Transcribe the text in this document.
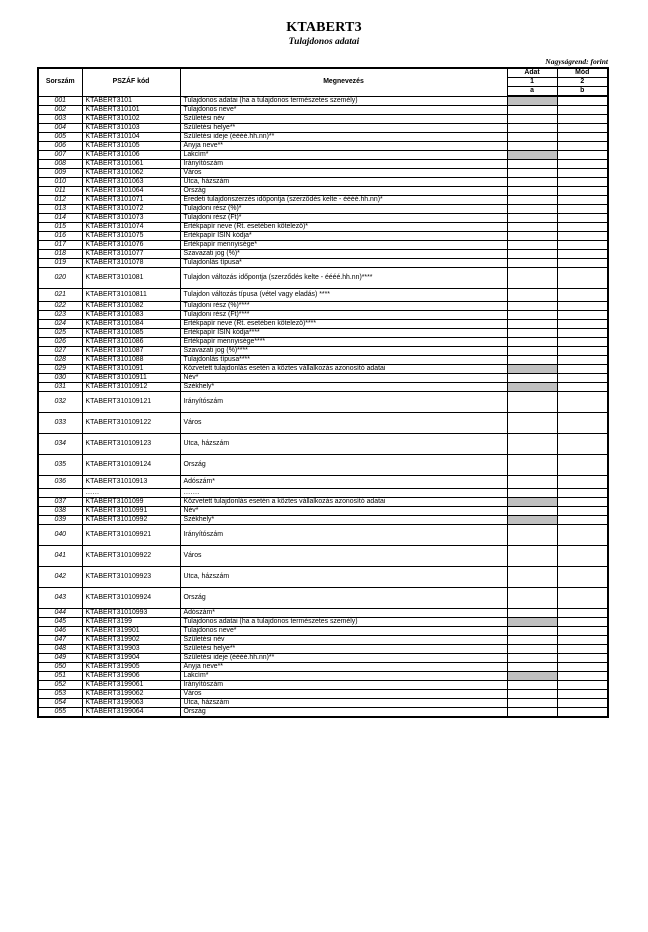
KTABERT3
Tulajdonos adatai
Nagyságrend: forint
Sorszám	PSZÁF kód	Megnevezés	Adat	Mód
			1	2
			a	b
001	KTABERT3101	Tulajdonos adatai (ha a tulajdonos természetes személy)		
002	KTABERT310101	Tulajdonos neve*		
003	KTABERT310102	Születési név		
004	KTABERT310103	Születési helye**		
005	KTABERT310104	Születési ideje (éééé.hh.nn)**		
006	KTABERT310105	Anyja neve**		
007	KTABERT310106	Lakcím*		
008	KTABERT3101061	Irányítószám		
009	KTABERT3101062	Város		
010	KTABERT3101063	Utca, házszám		
011	KTABERT3101064	Ország		
012	KTABERT3101071	Eredeti tulajdonszerzés időpontja (szerződés kelte - éééé.hh.nn)*		
013	KTABERT3101072	Tulajdoni rész (%)*		
014	KTABERT3101073	Tulajdoni rész (Ft)*		
015	KTABERT3101074	Értékpapír neve (Rt. esetében kötelező)*		
016	KTABERT3101075	Értékpapír ISIN kódja*		
017	KTABERT3101076	Értékpapír mennyisége*		
018	KTABERT3101077	Szavazati jog (%)*		
019	KTABERT3101078	Tulajdonlás típusa*		
020	KTABERT3101081	Tulajdon változás időpontja (szerződés kelte - éééé.hh.nn)****		
021	KTABERT31010811	Tulajdon változás típusa (vétel vagy eladás) ****		
022	KTABERT3101082	Tulajdoni rész (%)****		
023	KTABERT3101083	Tulajdoni rész (Ft)****		
024	KTABERT3101084	Értékpapír neve (Rt. esetében kötelező)****		
025	KTABERT3101085	Értékpapír ISIN kódja****		
026	KTABERT3101086	Értékpapír mennyisége****		
027	KTABERT3101087	Szavazati jog (%)****		
028	KTABERT3101088	Tulajdonlás típusa****		
029	KTABERT3101091	Közvetett tulajdonlás esetén a köztes vállalkozás azonosító adatai		
030	KTABERT31010911	Név*		
031	KTABERT31010912	Székhely*		
032	KTABERT310109121	Irányítószám		
033	KTABERT310109122	Város		
034	KTABERT310109123	Utca, házszám		
035	KTABERT310109124	Ország		
036	KTABERT31010913	Adószám*		
	……	…….		
037	KTABERT3101099	Közvetett tulajdonlás esetén a köztes vállalkozás azonosító adatai		
038	KTABERT31010991	Név*		
039	KTABERT31010992	Székhely*		
040	KTABERT310109921	Irányítószám		
041	KTABERT310109922	Város		
042	KTABERT310109923	Utca, házszám		
043	KTABERT310109924	Ország		
044	KTABERT31010993	Adószám*		
045	KTABERT3199	Tulajdonos adatai (ha a tulajdonos természetes személy)		
046	KTABERT319901	Tulajdonos neve*		
047	KTABERT319902	Születési név		
048	KTABERT319903	Születési helye**		
049	KTABERT319904	Születési ideje (éééé.hh.nn)**		
050	KTABERT319905	Anyja neve**		
051	KTABERT319906	Lakcím*		
052	KTABERT3199061	Irányítószám		
053	KTABERT3199062	Város		
054	KTABERT3199063	Utca, házszám		
055	KTABERT3199064	Ország		
